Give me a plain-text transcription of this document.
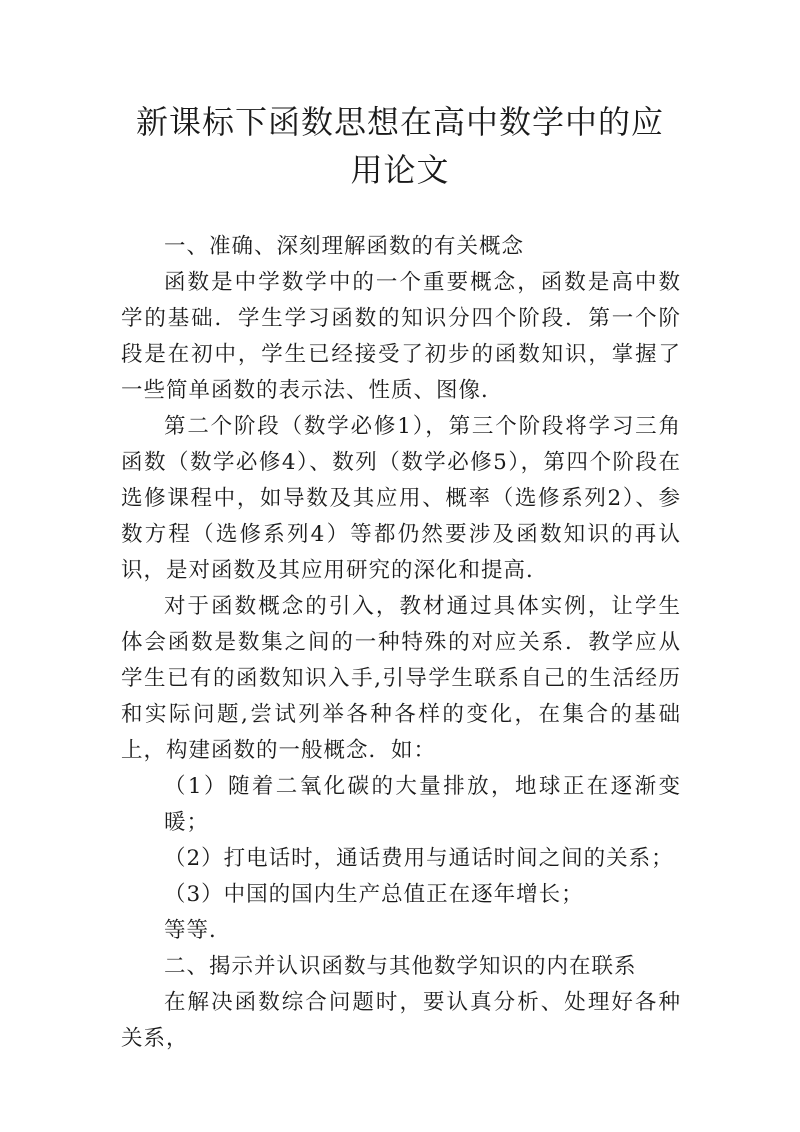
新课标下函数思想在高中数学中的应用论文

一、准确、深刻理解函数的有关概念

函数是中学数学中的一个重要概念，函数是高中数学的基础．学生学习函数的知识分四个阶段．第一个阶段是在初中，学生已经接受了初步的函数知识，掌握了一些简单函数的表示法、性质、图像．

第二个阶段（数学必修1），第三个阶段将学习三角函数（数学必修4）、数列（数学必修5），第四个阶段在选修课程中，如导数及其应用、概率（选修系列2）、参数方程（选修系列4）等都仍然要涉及函数知识的再认识，是对函数及其应用研究的深化和提高．

对于函数概念的引入，教材通过具体实例，让学生体会函数是数集之间的一种特殊的对应关系．教学应从学生已有的函数知识入手,引导学生联系自己的生活经历和实际问题,尝试列举各种各样的变化，在集合的基础上，构建函数的一般概念．如：

（1）随着二氧化碳的大量排放，地球正在逐渐变暖；

（2）打电话时，通话费用与通话时间之间的关系；

（3）中国的国内生产总值正在逐年增长；

等等．

二、揭示并认识函数与其他数学知识的内在联系

在解决函数综合问题时，要认真分析、处理好各种关系，
